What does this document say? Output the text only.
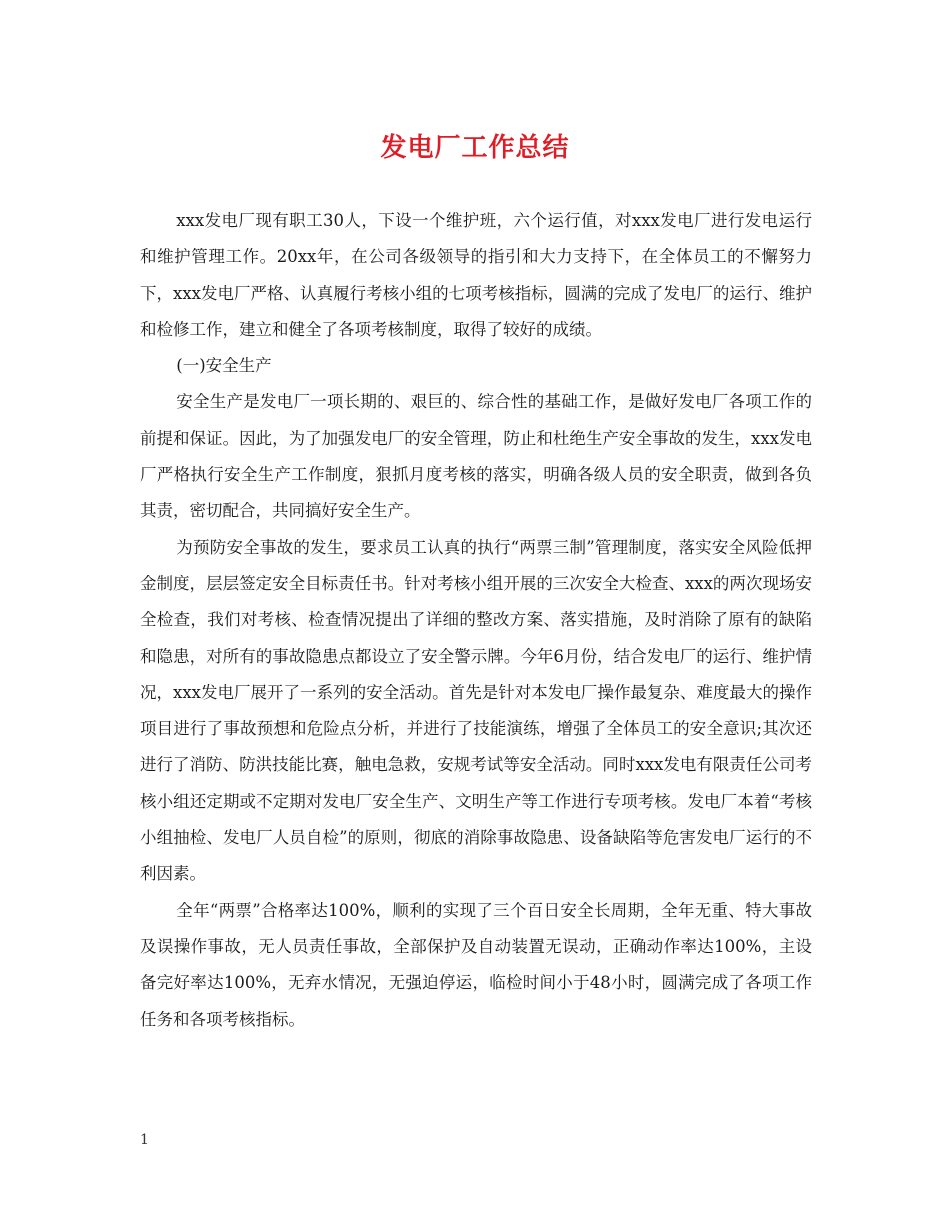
发电厂工作总结

xxx发电厂现有职工30人，下设一个维护班，六个运行值，对xxx发电厂进行发电运行和维护管理工作。20xx年，在公司各级领导的指引和大力支持下，在全体员工的不懈努力下，xxx发电厂严格、认真履行考核小组的七项考核指标，圆满的完成了发电厂的运行、维护和检修工作，建立和健全了各项考核制度，取得了较好的成绩。

(一)安全生产

安全生产是发电厂一项长期的、艰巨的、综合性的基础工作，是做好发电厂各项工作的前提和保证。因此，为了加强发电厂的安全管理，防止和杜绝生产安全事故的发生，xxx发电厂严格执行安全生产工作制度，狠抓月度考核的落实，明确各级人员的安全职责，做到各负其责，密切配合，共同搞好安全生产。

为预防安全事故的发生，要求员工认真的执行“两票三制”管理制度，落实安全风险低押金制度，层层签定安全目标责任书。针对考核小组开展的三次安全大检查、xxx的两次现场安全检查，我们对考核、检查情况提出了详细的整改方案、落实措施，及时消除了原有的缺陷和隐患，对所有的事故隐患点都设立了安全警示牌。今年6月份，结合发电厂的运行、维护情况，xxx发电厂展开了一系列的安全活动。首先是针对本发电厂操作最复杂、难度最大的操作项目进行了事故预想和危险点分析，并进行了技能演练，增强了全体员工的安全意识;其次还进行了消防、防洪技能比赛，触电急救，安规考试等安全活动。同时xxx发电有限责任公司考核小组还定期或不定期对发电厂安全生产、文明生产等工作进行专项考核。发电厂本着“考核小组抽检、发电厂人员自检”的原则，彻底的消除事故隐患、设备缺陷等危害发电厂运行的不利因素。

全年“两票”合格率达100%，顺利的实现了三个百日安全长周期，全年无重、特大事故及误操作事故，无人员责任事故，全部保护及自动装置无误动，正确动作率达100%，主设备完好率达100%，无弃水情况，无强迫停运，临检时间小于48小时，圆满完成了各项工作任务和各项考核指标。

1
